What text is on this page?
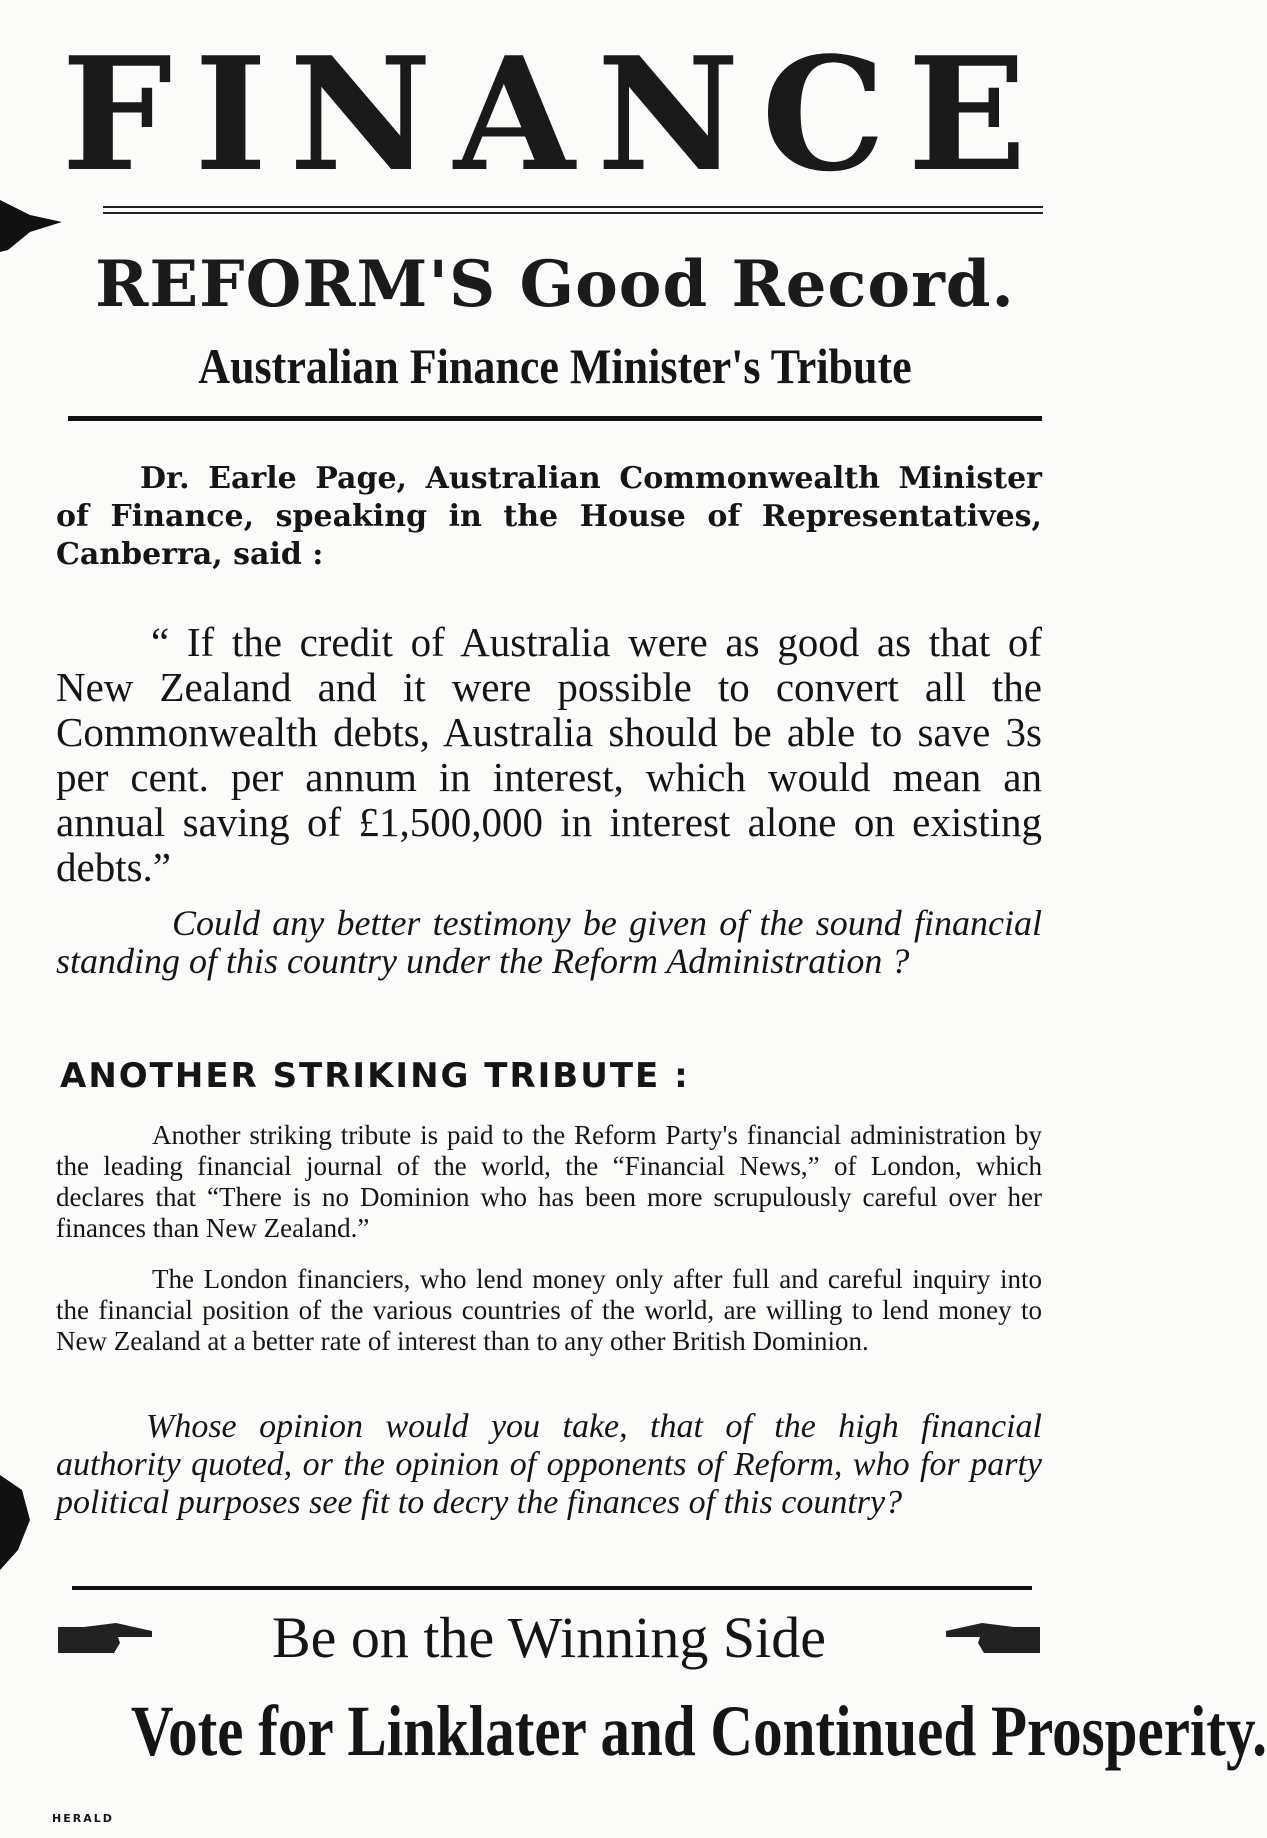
FINANCE
REFORM'S Good Record.
Australian Finance Minister's Tribute
Dr. Earle Page, Australian Commonwealth Minister of Finance, speaking in the House of Representatives, Canberra, said :
“ If the credit of Australia were as good as that of New Zealand and it were possible to convert all the Commonwealth debts, Australia should be able to save 3s per cent. per annum in interest, which would mean an annual saving of £1,500,000 in interest alone on existing debts.”
Could any better testimony be given of the sound financial standing of this country under the Reform Administration ?
ANOTHER STRIKING TRIBUTE :
Another striking tribute is paid to the Reform Party's financial administration by the leading financial journal of the world, the “Financial News,” of London, which declares that “There is no Dominion who has been more scrupulously careful over her finances than New Zealand.”
The London financiers, who lend money only after full and careful inquiry into the financial position of the various countries of the world, are willing to lend money to New Zealand at a better rate of interest than to any other British Dominion.
Whose opinion would you take, that of the high financial authority quoted, or the opinion of opponents of Reform, who for party political purposes see fit to decry the finances of this country?
Be on the Winning Side
Vote for Linklater and Continued Prosperity.
HERALD
